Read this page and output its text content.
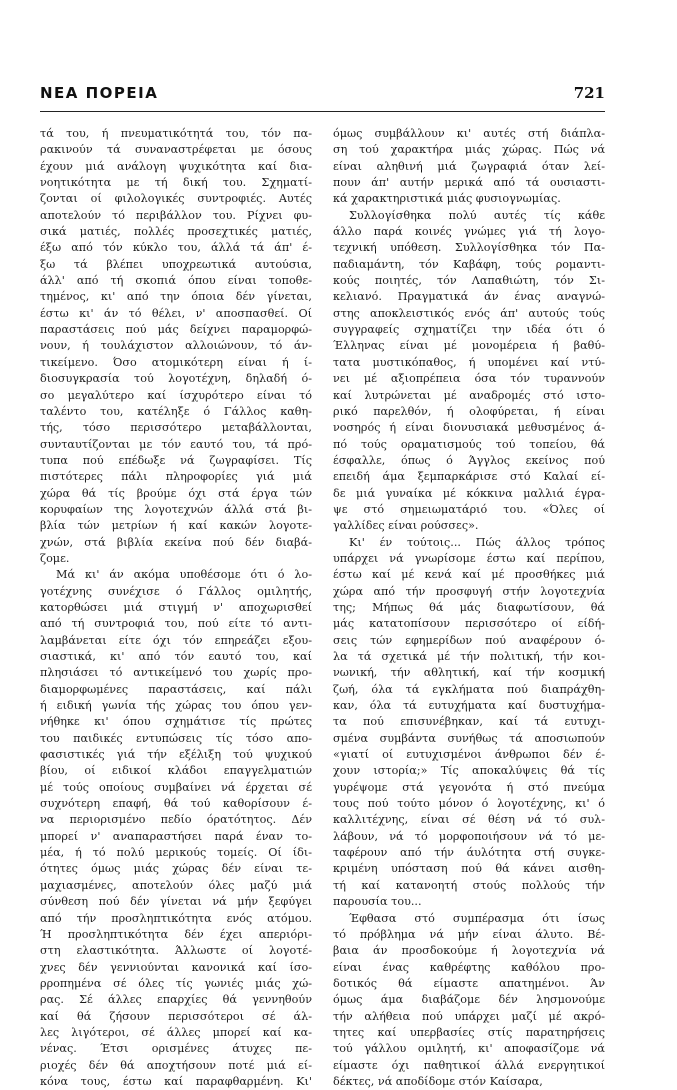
ΝΕΑ ΠΟΡΕΙΑ	721
τά του, ή πνευματικότητά του, τόν πα-
ρακινούν τά συναναστρέφεται με όσους
έχουν μιά ανάλογη ψυχικότητα καί δια-
νοητικότητα με τή δική του. Σχηματί-
ζονται οί φιλολογικές συντροφιές. Αυτές
αποτελούν τό περιβάλλον του. Ρίχνει φυ-
σικά ματιές, πολλές προσεχτικές ματιές,
έξω από τόν κύκλο του, άλλά τά άπ' έ-
ξω τά βλέπει υποχρεωτικά αυτούσια,
άλλ' από τή σκοπιά όπου είναι τοποθε-
τημένος, κι' από την όποια δέν γίνεται,
έστω κι' άν τό θέλει, ν' αποσπασθεί. Οί
παραστάσεις πού μάς δείχνει παραμορφώ-
νουν, ή τουλάχιστον αλλοιώνουν, τό άν-
τικείμενο. Όσο ατομικότερη είναι ή ί-
διοσυγκρασία τού λογοτέχνη, δηλαδή ό-
σο μεγαλύτερο καί ίσχυρότερο είναι τό
ταλέντο του, κατέληξε ό Γάλλος καθη-
τής, τόσο περισσότερο μεταβάλλονται,
συνταυτίζονται με τόν εαυτό του, τά πρό-
τυπα πού επέδωξε νά ζωγραφίσει. Τίς
πιστότερες πάλι πληροφορίες γιά μιά
χώρα θά τίς βρούμε όχι στά έργα τών
κορυφαίων της λογοτεχνών άλλά στά βι-
βλία τών μετρίων ή καί κακών λογοτε-
χνών, στά βιβλία εκείνα πού δέν διαβά-
ζομε.
Μά κι' άν ακόμα υποθέσομε ότι ό λο-
γοτέχνης συνέχισε ό Γάλλος ομιλητής,
κατορθώσει μιά στιγμή ν' αποχωρισθεί
από τή συντροφιά του, πού είτε τό αντι-
λαμβάνεται είτε όχι τόν επηρεάζει εξου-
σιαστικά, κι' από τόν εαυτό του, καί
πλησιάσει τό αντικείμενό του χωρίς προ-
διαμορφωμένες παραστάσεις, καί πάλι
ή ειδική γωνία τής χώρας του όπου γεν-
νήθηκε κι' όπου σχημάτισε τίς πρώτες
του παιδικές εντυπώσεις τίς τόσο απο-
φασιστικές γιά τήν εξέλιξη τού ψυχικού
βίου, οί ειδικοί κλάδοι επαγγελματιών
μέ τούς οποίους συμβαίνει νά έρχεται σέ
συχνότερη επαφή, θά τού καθορίσουν έ-
να περιορισμένο πεδίο όρατότητος. Δέν
μπορεί ν' αναπαραστήσει παρά έναν το-
μέα, ή τό πολύ μερικούς τομείς. Οί ίδι-
ότητες όμως μιάς χώρας δέν είναι τε-
μαχιασμένες, αποτελούν όλες μαζύ μιά
σύνθεση πού δέν γίνεται νά μήν ξεφύγει
από τήν προσληπτικότητα ενός ατόμου.
Ή προσληπτικότητα δέν έχει απεριόρι-
στη ελαστικότητα. Άλλωστε οί λογοτέ-
χνες δέν γεννιούνται κανονικά καί ίσο-
ρροπημένα σέ όλες τίς γωνιές μιάς χώ-
ρας. Σέ άλλες επαρχίες θά γεννηθούν
καί θά ζήσουν περισσότεροι σέ άλ-
λες λιγότεροι, σέ άλλες μπορεί καί κα-
νένας. Έτσι ορισμένες άτυχες πε-
ριοχές δέν θά αποχτήσουν ποτέ μιά εί-
κόνα τους, έστω καί παραφθαρμένη. Κι'
όμως συμβάλλουν κι' αυτές στή διάπλα-
ση τού χαρακτήρα μιάς χώρας. Πώς νά
είναι αληθινή μιά ζωγραφιά όταν λεί-
πουν άπ' αυτήν μερικά από τά ουσιαστι-
κά χαρακτηριστικά μιάς φυσιογνωμίας.
Συλλογίσθηκα πολύ αυτές τίς κάθε
άλλο παρά κοινές γνώμες γιά τή λογο-
τεχνική υπόθεση. Συλλογίσθηκα τόν Πα-
παδιαμάντη, τόν Καβάφη, τούς ρομαντι-
κούς ποιητές, τόν Λαπαθιώτη, τόν Σι-
κελιανό. Πραγματικά άν ένας αναγνώ-
στης αποκλειστικός ενός άπ' αυτούς τούς
συγγραφείς σχηματίζει την ιδέα ότι ό
Έλληνας είναι μέ μονομέρεια ή βαθύ-
τατα μυστικόπαθος, ή υπομένει καί ντύ-
νει μέ αξιοπρέπεια όσα τόν τυραννούν
καί λυτρώνεται μέ αναδρομές στό ιστο-
ρικό παρελθόν, ή ολοφύρεται, ή είναι
νοσηρός ή είναι διονυσιακά μεθυσμένος ά-
πό τούς οραματισμούς τού τοπείου, θά
έσφαλλε, όπως ό Άγγλος εκείνος πού
επειδή άμα ξεμπαρκάρισε στό Καλαί εί-
δε μιά γυναίκα μέ κόκκινα μαλλιά έγρα-
ψε στό σημειωματάριό του. «Όλες οί
γαλλίδες είναι ρούσσες».
Κι' έν τούτοις... Πώς άλλος τρόπος
υπάρχει νά γνωρίσομε έστω καί περίπου,
έστω καί μέ κενά καί μέ προσθήκες μιά
χώρα από τήν προσφυγή στήν λογοτεχνία
της; Μήπως θά μάς διαφωτίσουν, θά
μάς κατατοπίσουν περισσότερο οί είδή-
σεις τών εφημερίδων πού αναφέρουν ό-
λα τά σχετικά μέ τήν πολιτική, τήν κοι-
νωνική, τήν αθλητική, καί τήν κοσμική
ζωή, όλα τά εγκλήματα πού διαπράχθη-
καν, όλα τά ευτυχήματα καί δυστυχήμα-
τα πού επισυνέβηκαν, καί τά ευτυχι-
σμένα συμβάντα συνήθως τά αποσιωπούν
«γιατί οί ευτυχισμένοι άνθρωποι δέν έ-
χουν ιστορία;» Τίς αποκαλύψεις θά τίς
γυρέψομε στά γεγονότα ή στό πνεύμα
τους πού τούτο μόνον ό λογοτέχνης, κι' ό
καλλιτέχνης, είναι σέ θέση νά τό συλ-
λάβουν, νά τό μορφοποιήσουν νά τό με-
ταφέρουν από τήν άυλότητα στή συγκε-
κριμένη υπόσταση πού θά κάνει αισθη-
τή καί κατανοητή στούς πολλούς τήν
παρουσία του...
Έφθασα στό συμπέρασμα ότι ίσως
τό πρόβλημα νά μήν είναι άλυτο. Βέ-
βαια άν προσδοκούμε ή λογοτεχνία νά
είναι ένας καθρέφτης καθόλου προ-
δοτικός θά είμαστε απατημένοι. Άν
όμως άμα διαβάζομε δέν λησμονούμε
τήν αλήθεια πού υπάρχει μαζί μέ ακρό-
τητες καί υπερβασίες στίς παρατηρήσεις
τού γάλλου ομιλητή, κι' αποφασίζομε νά
είμαστε όχι παθητικοί άλλά ενεργητικοί
δέκτες, νά αποδίδομε στόν Καίσαρα,
